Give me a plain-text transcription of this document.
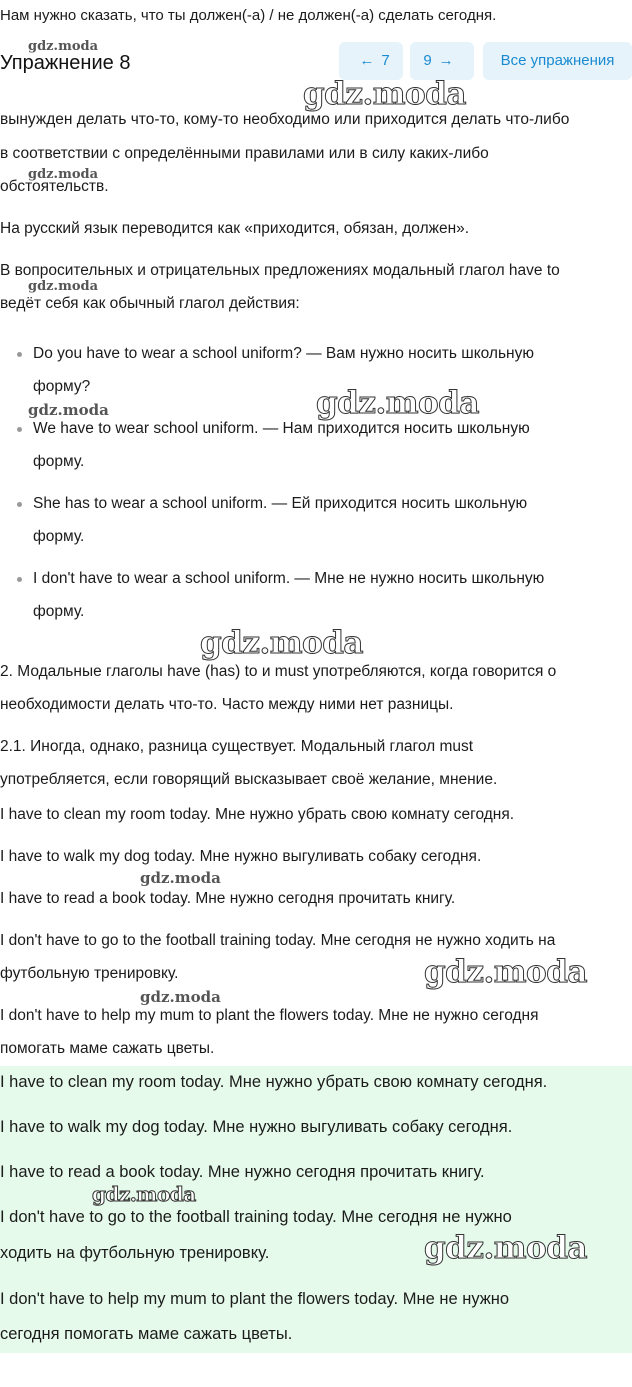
Нам нужно сказать, что ты должен(-а) / не должен(-а) сделать сегодня.
Упражнение 8	← 7	9 →	Все упражнения
вынужден делать что-то, кому-то необходимо или приходится делать что-либо
в соответствии с определёнными правилами или в силу каких-либо
обстоятельств.
На русский язык переводится как «приходится, обязан, должен».
В вопросительных и отрицательных предложениях модальный глагол have to
ведёт себя как обычный глагол действия:
Do you have to wear a school uniform? — Вам нужно носить школьную
форму?
We have to wear school uniform. — Нам приходится носить школьную
форму.
She has to wear a school uniform. — Ей приходится носить школьную
форму.
I don't have to wear a school uniform. — Мне не нужно носить школьную
форму.
2. Модальные глаголы have (has) to и must употребляются, когда говорится о
необходимости делать что-то. Часто между ними нет разницы.
2.1. Иногда, однако, разница существует. Модальный глагол must
употребляется, если говорящий высказывает своё желание, мнение.
I have to clean my room today. Мне нужно убрать свою комнату сегодня.
I have to walk my dog today. Мне нужно выгуливать собаку сегодня.
I have to read a book today. Мне нужно сегодня прочитать книгу.
I don't have to go to the football training today. Мне сегодня не нужно ходить на
футбольную тренировку.
I don't have to help my mum to plant the flowers today. Мне не нужно сегодня
помогать маме сажать цветы.
I have to clean my room today. Мне нужно убрать свою комнату сегодня.
I have to walk my dog today. Мне нужно выгуливать собаку сегодня.
I have to read a book today. Мне нужно сегодня прочитать книгу.
I don't have to go to the football training today. Мне сегодня не нужно
ходить на футбольную тренировку.
I don't have to help my mum to plant the flowers today. Мне не нужно
сегодня помогать маме сажать цветы.
gdz.moda
gdz.moda
gdz.moda
gdz.moda
gdz.moda	gdz.moda
gdz.moda
gdz.moda
gdz.moda
gdz.moda
gdz.moda
gdz.moda
